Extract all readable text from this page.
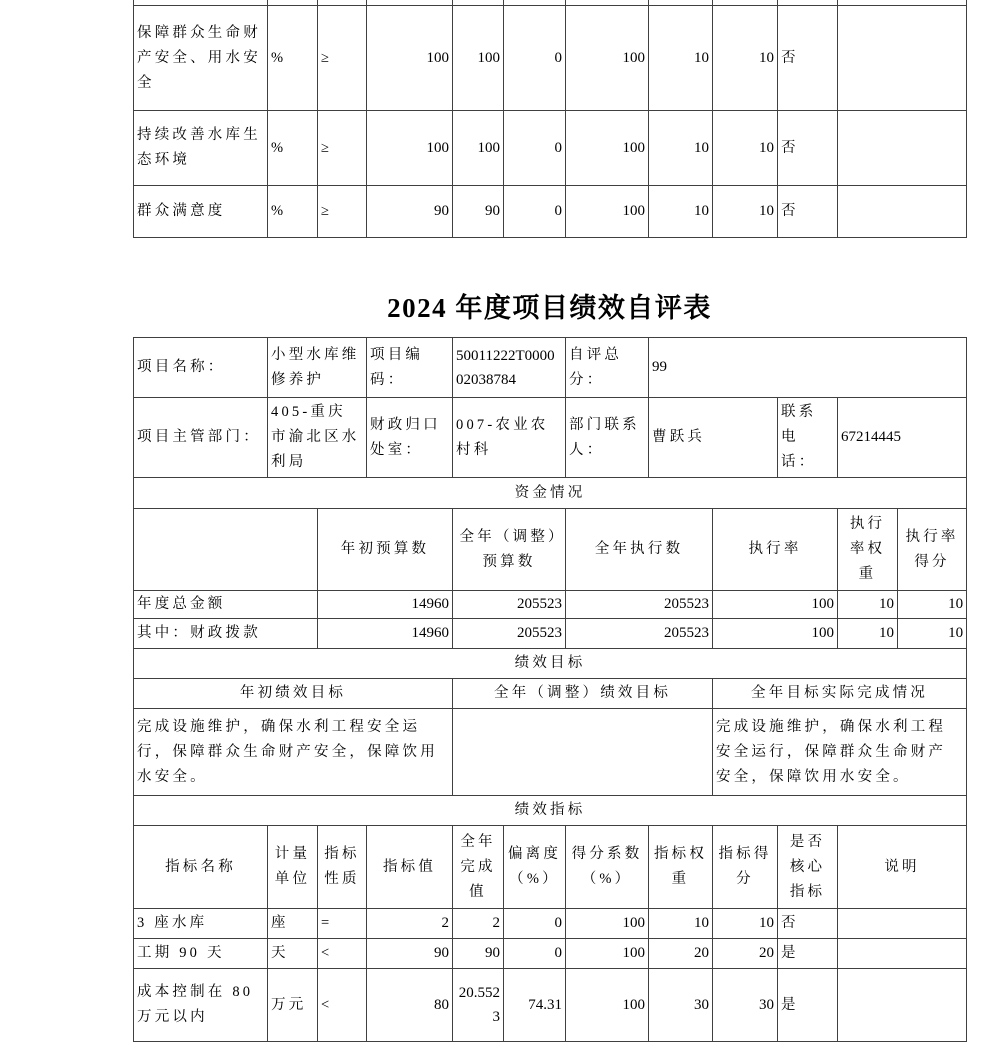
保障群众生命财产安全、用水安全	%	≥	100	100	0	100	10	10	否	
持续改善水库生态环境	%	≥	100	100	0	100	10	10	否	
群众满意度	%	≥	90	90	0	100	10	10	否	
2024 年度项目绩效自评表
项目名称：	小型水库维修养护		项目编码：	50011222T000002038784		自评总分：	99				
项目主管部门：	405-重庆市渝北区水利局		财政归口处室：	007-农业农村科		部门联系人：	曹跃兵		联系电话：	67214445	
资金情况											
		年初预算数		全年（调整）预算数		全年执行数		执行率		执行率权重	执行率得分
年度总金额		14960		205523		205523		100		10	10
其中：财政拨款		14960		205523		205523		100		10	10
绩效目标											
年初绩效目标				全年（调整）绩效目标				全年目标实际完成情况			
完成设施维护，确保水利工程安全运行，保障群众生命财产安全，保障饮用水安全。								完成设施维护，确保水利工程安全运行，保障群众生命财产安全，保障饮用水安全。			
绩效指标											
指标名称	计量单位	指标性质	指标值	全年完成值	偏离度（%）	得分系数（%）	指标权重	指标得分	是否核心指标	说明	
3 座水库	座	=	2	2	0	100	10	10	否		
工期 90 天	天	<	90	90	0	100	20	20	是		
成本控制在 80 万元以内	万元	<	80	20.5523	74.31	100	30	30	是		
